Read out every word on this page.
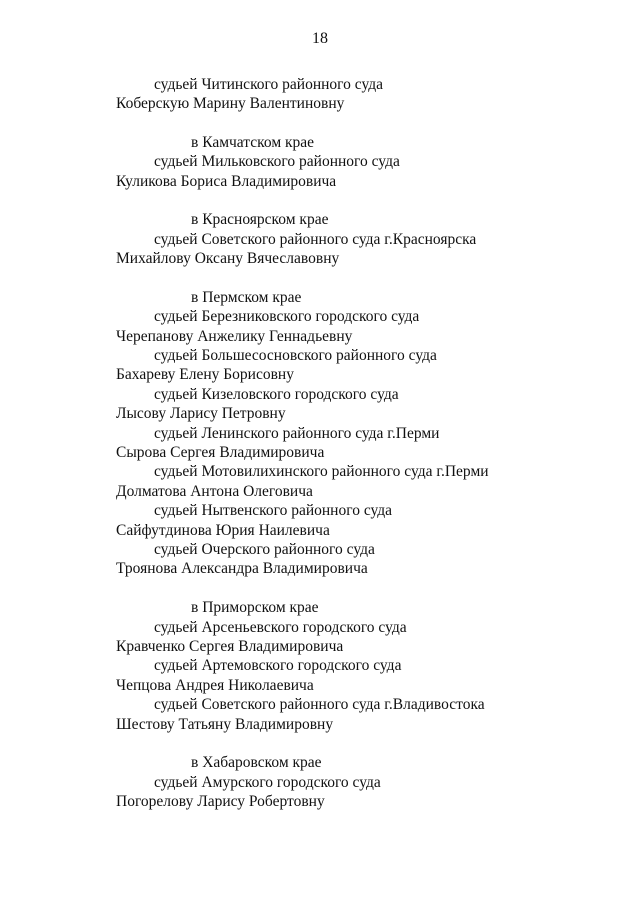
18
судьей Читинского районного суда
Коберскую Марину Валентиновну
в Камчатском крае
судьей Мильковского районного суда
Куликова Бориса Владимировича
в Красноярском крае
судьей Советского районного суда г.Красноярска
Михайлову Оксану Вячеславовну
в Пермском крае
судьей Березниковского городского суда
Черепанову Анжелику Геннадьевну
судьей Большесосновского районного суда
Бахареву Елену Борисовну
судьей Кизеловского городского суда
Лысову Ларису Петровну
судьей Ленинского районного суда г.Перми
Сырова Сергея Владимировича
судьей Мотовилихинского районного суда г.Перми
Долматова Антона Олеговича
судьей Нытвенского районного суда
Сайфутдинова Юрия Наилевича
судьей Очерского районного суда
Троянова Александра Владимировича
в Приморском крае
судьей Арсеньевского городского суда
Кравченко Сергея Владимировича
судьей Артемовского городского суда
Чепцова Андрея Николаевича
судьей Советского районного суда г.Владивостока
Шестову Татьяну Владимировну
в Хабаровском крае
судьей Амурского городского суда
Погорелову Ларису Робертовну
